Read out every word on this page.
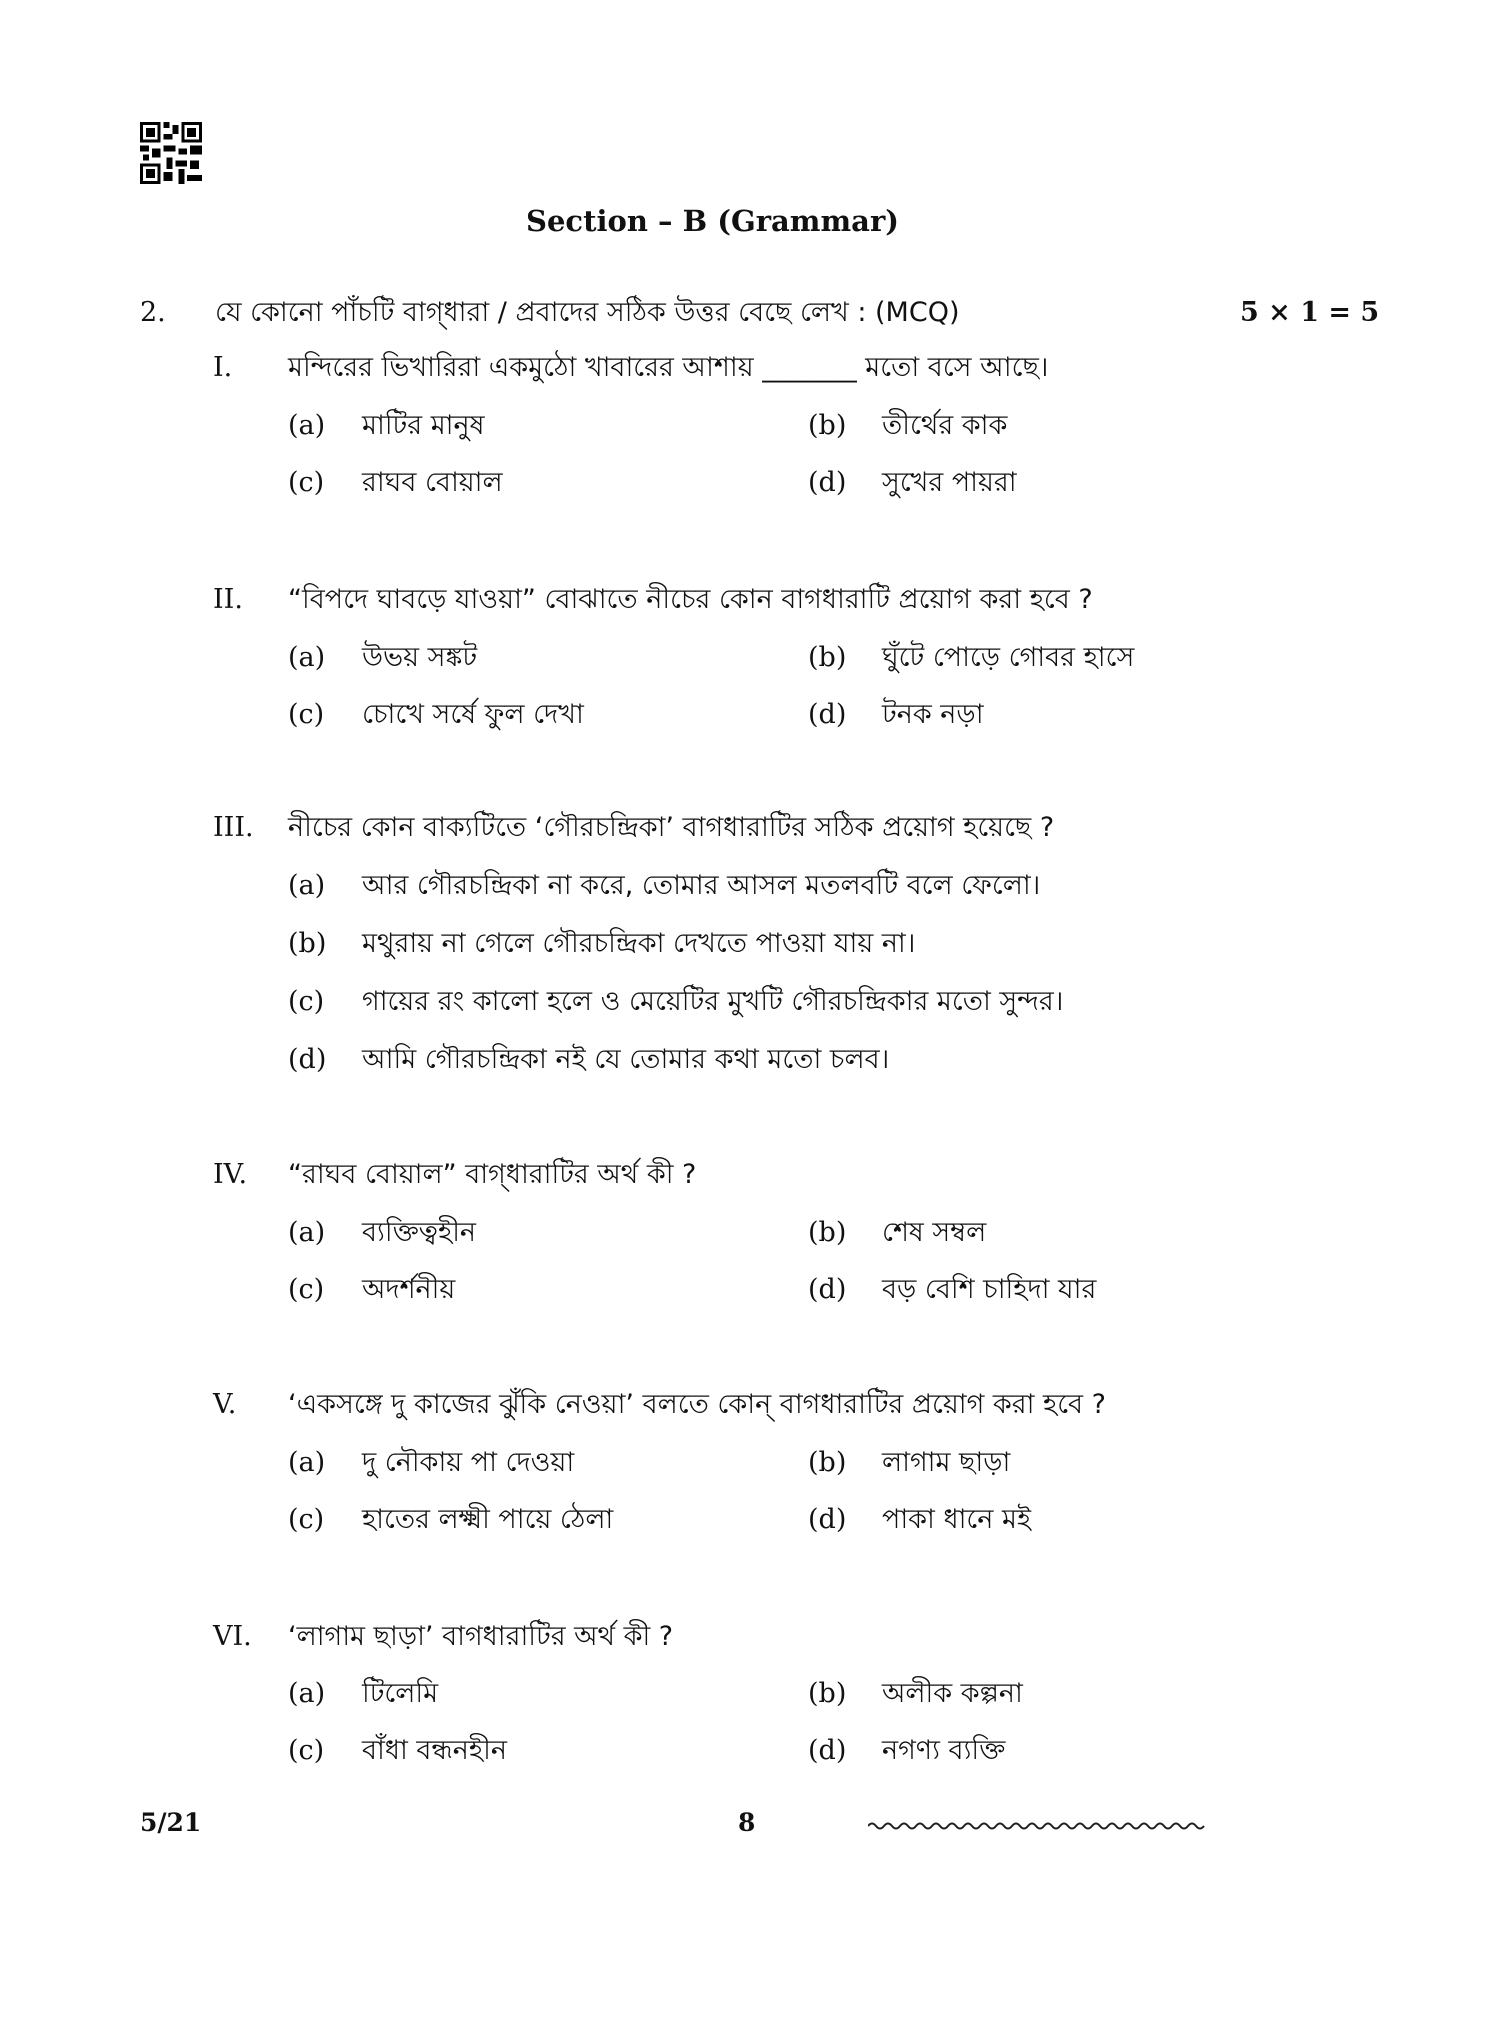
Section – B (Grammar)
2. যে কোনো পাঁচটি বাগ্‌ধারা / প্রবাদের সঠিক উত্তর বেছে লেখ : (MCQ)	5 × 1 = 5
I. মন্দিরের ভিখারিরা একমুঠো খাবারের আশায় _______ মতো বসে আছে।
(a) মাটির মানুষ	(b) তীর্থের কাক
(c) রাঘব বোয়াল	(d) সুখের পায়রা
II. “বিপদে ঘাবড়ে যাওয়া” বোঝাতে নীচের কোন বাগধারাটি প্রয়োগ করা হবে ?
(a) উভয় সঙ্কট	(b) ঘুঁটে পোড়ে গোবর হাসে
(c) চোখে সর্ষে ফুল দেখা	(d) টনক নড়া
III. নীচের কোন বাক্যটিতে ‘গৌরচন্দ্রিকা’ বাগধারাটির সঠিক প্রয়োগ হয়েছে ?
(a) আর গৌরচন্দ্রিকা না করে, তোমার আসল মতলবটি বলে ফেলো।
(b) মথুরায় না গেলে গৌরচন্দ্রিকা দেখতে পাওয়া যায় না।
(c) গায়ের রং কালো হলে ও মেয়েটির মুখটি গৌরচন্দ্রিকার মতো সুন্দর।
(d) আমি গৌরচন্দ্রিকা নই যে তোমার কথা মতো চলব।
IV. “রাঘব বোয়াল” বাগ্‌ধারাটির অর্থ কী ?
(a) ব্যক্তিত্বহীন	(b) শেষ সম্বল
(c) অদর্শনীয়	(d) বড় বেশি চাহিদা যার
V. ‘একসঙ্গে দু কাজের ঝুঁকি নেওয়া’ বলতে কোন্‌ বাগধারাটির প্রয়োগ করা হবে ?
(a) দু নৌকায় পা দেওয়া	(b) লাগাম ছাড়া
(c) হাতের লক্ষ্মী পায়ে ঠেলা	(d) পাকা ধানে মই
VI. ‘লাগাম ছাড়া’ বাগধারাটির অর্থ কী ?
(a) টিলেমি	(b) অলীক কল্পনা
(c) বাঁধা বন্ধনহীন	(d) নগণ্য ব্যক্তি
5/21	8
